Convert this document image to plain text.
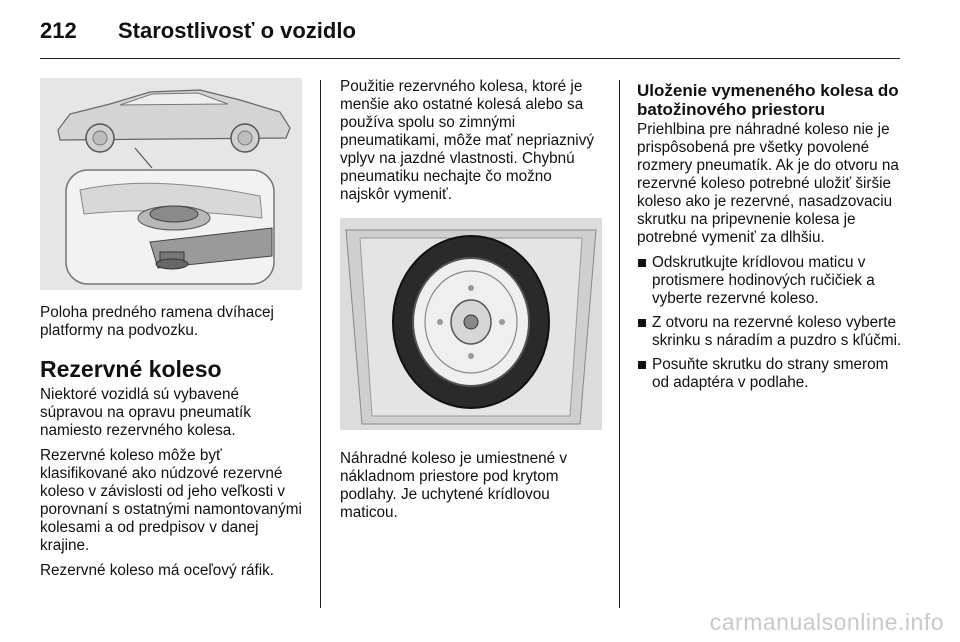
212 Starostlivosť o vozidlo

Poloha predného ramena dvíhacej platformy na podvozku.

Rezervné koleso

Niektoré vozidlá sú vybavené súpravou na opravu pneumatík namiesto rezervného kolesa.

Rezervné koleso môže byť klasifikované ako núdzové rezervné koleso v závislosti od jeho veľkosti v porovnaní s ostatnými namontovanými kolesami a od predpisov v danej krajine.

Rezervné koleso má oceľový ráfik.

Použitie rezervného kolesa, ktoré je menšie ako ostatné kolesá alebo sa používa spolu so zimnými pneumatikami, môže mať nepriaznivý vplyv na jazdné vlastnosti. Chybnú pneumatiku nechajte čo možno najskôr vymeniť.

Náhradné koleso je umiestnené v nákladnom priestore pod krytom podlahy. Je uchytené krídlovou maticou.

Uloženie vymeneného kolesa do batožinového priestoru

Priehlbina pre náhradné koleso nie je prispôsobená pre všetky povolené rozmery pneumatík. Ak je do otvoru na rezervné koleso potrebné uložiť širšie koleso ako je rezervné, nasadzovaciu skrutku na pripevnenie kolesa je potrebné vymeniť za dlhšiu.

Odskrutkujte krídlovou maticu v protismere hodinových ručičiek a vyberte rezervné koleso.
Z otvoru na rezervné koleso vyberte skrinku s náradím a puzdro s kľúčmi.
Posuňte skrutku do strany smerom od adaptéra v podlahe.
carmanualsonline.info
